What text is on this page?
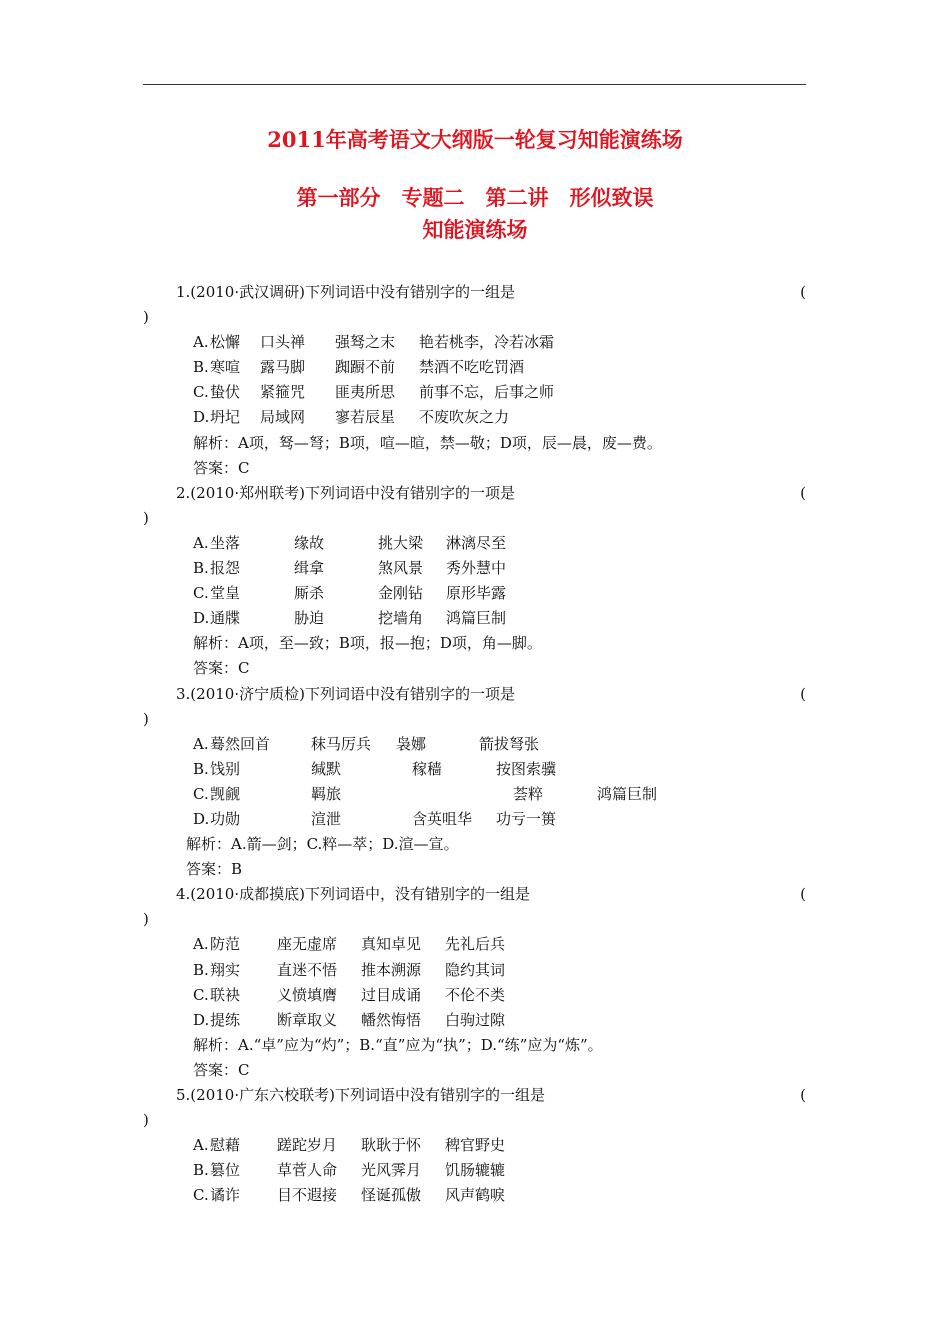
2011年高考语文大纲版一轮复习知能演练场
第一部分　专题二　第二讲　形似致误
知能演练场
1.(2010·武汉调研)下列词语中没有错别字的一组是	(
)
A. 松懈 口头禅 强驽之末 艳若桃李，冷若冰霜
B. 寒喧 露马脚 踟蹰不前 禁酒不吃吃罚酒
C. 蛰伏 紧箍咒 匪夷所思 前事不忘，后事之师
D. 坍圮 局域网 寥若辰星 不废吹灰之力
解析：A项，驽—弩；B项，喧—暄，禁—敬；D项，辰—晨，废—费。
答案：C
2.(2010·郑州联考)下列词语中没有错别字的一项是	(
)
A. 坐落	缘故	挑大梁 淋漓尽至
B. 报怨	缉拿	煞风景 秀外慧中
C. 堂皇	厮杀	金刚钻 原形毕露
D. 通牒	胁迫	挖墙角 鸿篇巨制
解析：A项，至—致；B项，报—抱；D项，角—脚。
答案：C
3.(2010·济宁质检)下列词语中没有错别字的一项是	(
)
A. 蓦然回首	秣马厉兵 袅娜	箭拔弩张
B. 饯别	缄默	稼穑	按图索骥
C. 觊觎	羁旅	荟粹	鸿篇巨制
D. 功勋	渲泄	含英咀华 功亏一篑
解析：A.箭—剑；C.粹—萃；D.渲—宣。
答案：B
4.(2010·成都摸底)下列词语中，没有错别字的一组是	(
)
A. 防范 座无虚席 真知卓见 先礼后兵
B. 翔实 直迷不悟 推本溯源 隐约其词
C. 联袂 义愤填膺 过目成诵 不伦不类
D. 提练 断章取义 幡然悔悟 白驹过隙
解析：A.“卓”应为“灼”；B.“直”应为“执”；D.“练”应为“炼”。
答案：C
5.(2010·广东六校联考)下列词语中没有错别字的一组是	(
)
A. 慰藉 蹉跎岁月 耿耿于怀 稗官野史
B. 篡位 草菅人命 光风霁月 饥肠辘辘
C. 谲诈 目不遐接 怪诞孤傲 风声鹤唳
